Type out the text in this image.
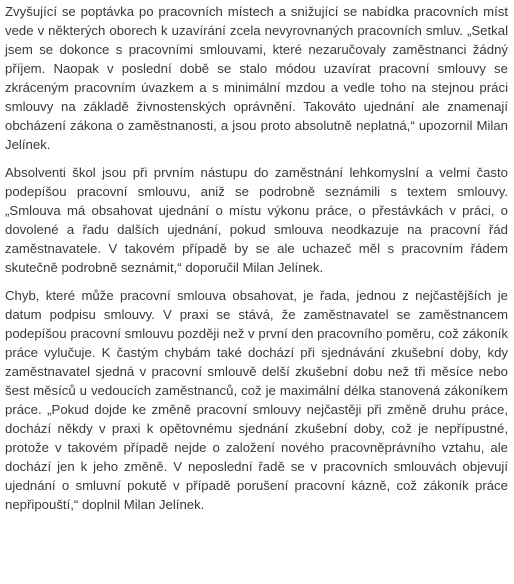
Zvyšující se poptávka po pracovních místech a snižující se nabídka pracovních míst vede v některých oborech k uzavírání zcela nevyrovnaných pracovních smluv. „Setkal jsem se dokonce s pracovními smlouvami, které nezaručovaly zaměstnanci žádný příjem. Naopak v poslední době se stalo módou uzavírat pracovní smlouvy se zkráceným pracovním úvazkem a s minimální mzdou a vedle toho na stejnou práci smlouvy na základě živnostenských oprávnění. Takováto ujednání ale znamenají obcházení zákona o zaměstnanosti, a jsou proto absolutně neplatná,“ upozornil Milan Jelínek.

Absolventi škol jsou při prvním nástupu do zaměstnání lehkomyslní a velmi často podepíšou pracovní smlouvu, aniž se podrobně seznámili s textem smlouvy. „Smlouva má obsahovat ujednání o místu výkonu práce, o přestávkách v práci, o dovolené a řadu dalších ujednání, pokud smlouva neodkazuje na pracovní řád zaměstnavatele. V takovém případě by se ale uchazeč měl s pracovním řádem skutečně podrobně seznámit,“ doporučil Milan Jelínek.

Chyb, které může pracovní smlouva obsahovat, je řada, jednou z nejčastějších je datum podpisu smlouvy. V praxi se stává, že zaměstnavatel se zaměstnancem podepíšou pracovní smlouvu později než v první den pracovního poměru, což zákoník práce vylučuje. K častým chybám také dochází při sjednávání zkušební doby, kdy zaměstnavatel sjedná v pracovní smlouvě delší zkušební dobu než tři měsíce nebo šest měsíců u vedoucích zaměstnanců, což je maximální délka stanovená zákoníkem práce. „Pokud dojde ke změně pracovní smlouvy nejčastěji při změně druhu práce, dochází někdy v praxi k opětovnému sjednání zkušební doby, což je nepřípustné, protože v takovém případě nejde o založení nového pracovněprávního vztahu, ale dochází jen k jeho změně. V neposlední řadě se v pracovních smlouvách objevují ujednání o smluvní pokutě v případě porušení pracovní kázně, což zákoník práce nepřipouští,“ doplnil Milan Jelínek.
